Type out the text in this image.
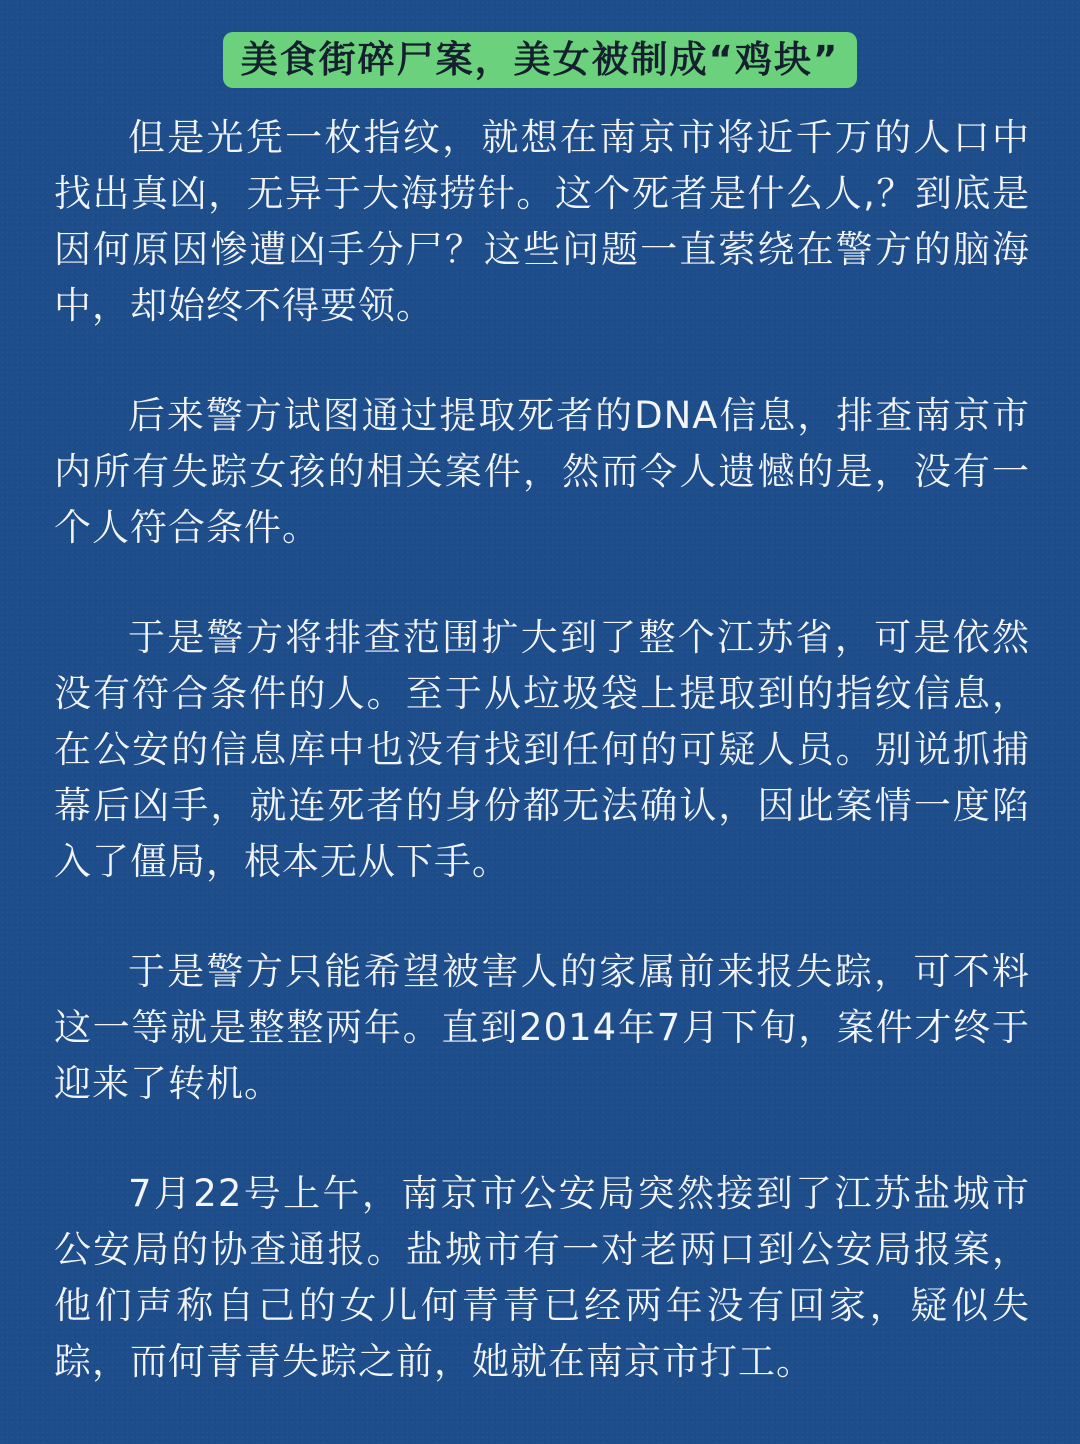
美食街碎尸案，美女被制成“鸡块”

但是光凭一枚指纹，就想在南京市将近千万的人口中找出真凶，无异于大海捞针。这个死者是什么人,？到底是因何原因惨遭凶手分尸？这些问题一直萦绕在警方的脑海中，却始终不得要领。

后来警方试图通过提取死者的DNA信息，排查南京市内所有失踪女孩的相关案件，然而令人遗憾的是，没有一个人符合条件。

于是警方将排查范围扩大到了整个江苏省，可是依然没有符合条件的人。至于从垃圾袋上提取到的指纹信息，在公安的信息库中也没有找到任何的可疑人员。别说抓捕幕后凶手，就连死者的身份都无法确认，因此案情一度陷入了僵局，根本无从下手。

于是警方只能希望被害人的家属前来报失踪，可不料这一等就是整整两年。直到2014年7月下旬，案件才终于迎来了转机。

7月22号上午，南京市公安局突然接到了江苏盐城市公安局的协查通报。盐城市有一对老两口到公安局报案，他们声称自己的女儿何青青已经两年没有回家，疑似失踪，而何青青失踪之前，她就在南京市打工。
